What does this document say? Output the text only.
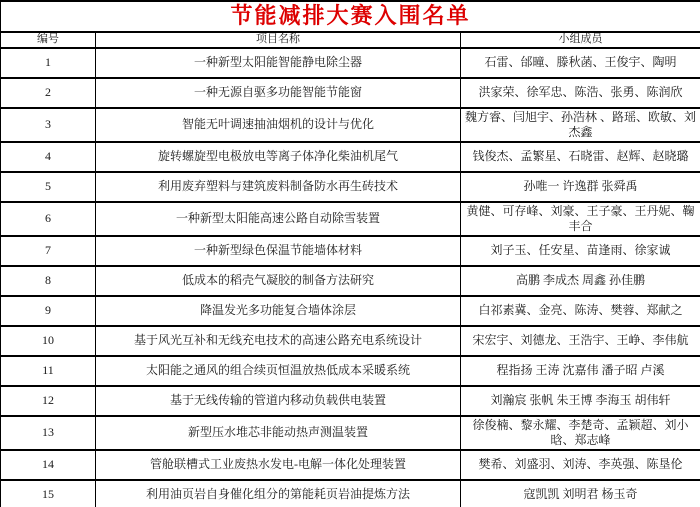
节能减排大赛入围名单		
编号	项目名称	小组成员
1	一种新型太阳能智能静电除尘器	石雷、邰曈、滕秋菡、王俊宇、陶明
2	一种无源自驱多功能智能节能窗	洪家荣、徐军忠、陈浩、张勇、陈润欣
3	智能无叶调速抽油烟机的设计与优化	魏方睿、闫旭宇、孙浩林 、路瑶、欧敏、刘杰鑫
4	旋转螺旋型电极放电等离子体净化柴油机尾气	钱俊杰、孟繁星、石晓雷、赵辉、赵晓璐
5	利用废弃塑料与建筑废料制备防水再生砖技术	孙唯一 许逸群 张舜禹
6	一种新型太阳能高速公路自动除雪装置	黄健、可存峰、刘豪、王子豪、王丹妮、鞠丰合
7	一种新型绿色保温节能墙体材料	刘子玉、任安星、苗逢雨、徐家诚
8	低成本的稻壳气凝胶的制备方法研究	高鹏 李成杰 周鑫 孙佳鹏
9	降温发光多功能复合墙体涂层	白祁素冀、金亮、陈涛、樊蓉、郑献之
10	基于风光互补和无线充电技术的高速公路充电系统设计	宋宏宇、刘德龙、王浩宇、王峥、李伟航
11	太阳能之通风的组合续页恒温放热低成本采暖系统	程指扬 王涛 沈嘉伟 潘子昭 卢溪
12	基于无线传输的管道内移动负载供电装置	刘瀚宸 张帆 朱王博 李海玉 胡伟轩
13	新型压水堆芯非能动热声测温装置	徐俊楠、黎永耀、李楚奇、孟颖超、刘小晗、郑志峰
14	管舱联槽式工业废热水发电-电解一体化处理装置	樊希、刘盛羽、刘涛、李英强、陈垦伦
15	利用油页岩自身催化组分的第能耗页岩油提炼方法	寇凯凯 刘明君 杨玉奇
